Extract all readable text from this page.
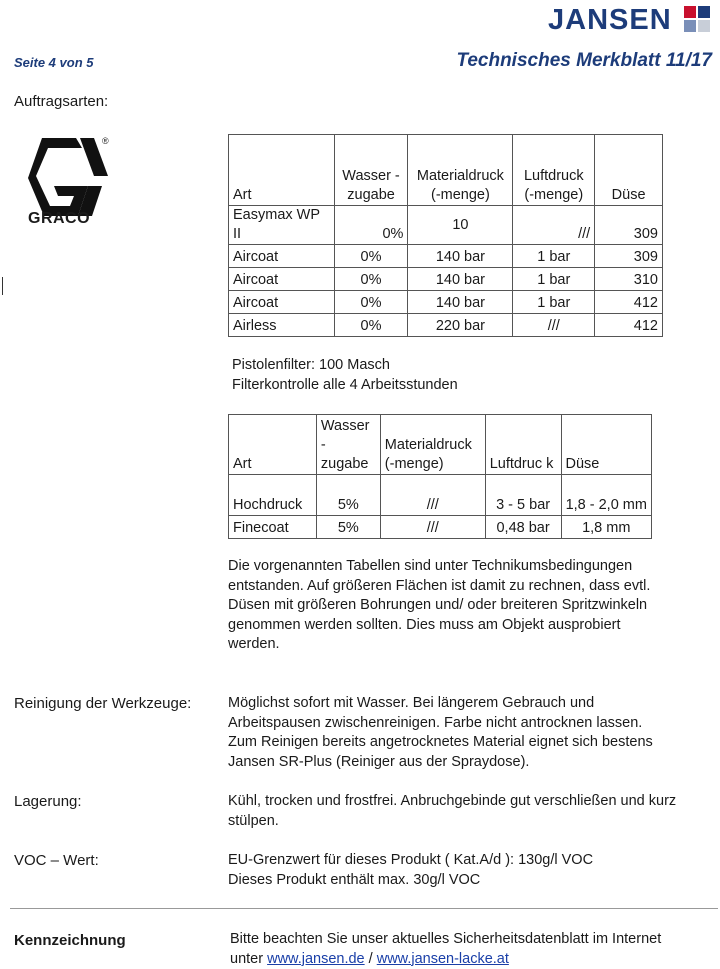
JANSEN
Seite 4 von 5	Technisches Merkblatt 11/17
Auftragsarten:
®
GRACO
Art	Wasser - zugabe	Materialdruck (-menge)	Luftdruck (-menge)	Düse
Easymax WP II	0%	10	///	309
Aircoat	0%	140 bar	1 bar	309
Aircoat	0%	140 bar	1 bar	310
Aircoat	0%	140 bar	1 bar	412
Airless	0%	220 bar	///	412
Pistolenfilter: 100 Masch
Filterkontrolle alle 4 Arbeitsstunden
Art	Wasser - zugabe	Materialdruck (-menge)	Luftdruc k	Düse
Hochdruck	5%	///	3 - 5 bar	1,8 - 2,0 mm
Finecoat	5%	///	0,48 bar	1,8 mm
Die vorgenannten Tabellen sind unter Technikumsbedingungen
entstanden. Auf größeren Flächen ist damit zu rechnen, dass evtl.
Düsen mit größeren Bohrungen und/ oder breiteren Spritzwinkeln
genommen werden sollten. Dies muss am Objekt ausprobiert
werden.
Reinigung der Werkzeuge:	Möglichst sofort mit Wasser. Bei längerem Gebrauch und
Arbeitspausen zwischenreinigen. Farbe nicht antrocknen lassen.
Zum Reinigen bereits angetrocknetes Material eignet sich bestens
Jansen SR-Plus (Reiniger aus der Spraydose).
Lagerung:	Kühl, trocken und frostfrei. Anbruchgebinde gut verschließen und kurz
stülpen.
VOC – Wert:	EU-Grenzwert für dieses Produkt ( Kat.A/d ): 130g/l VOC
Dieses Produkt enthält max. 30g/l VOC
Kennzeichnung	Bitte beachten Sie unser aktuelles Sicherheitsdatenblatt im Internet
unter www.jansen.de / www.jansen-lacke.at
